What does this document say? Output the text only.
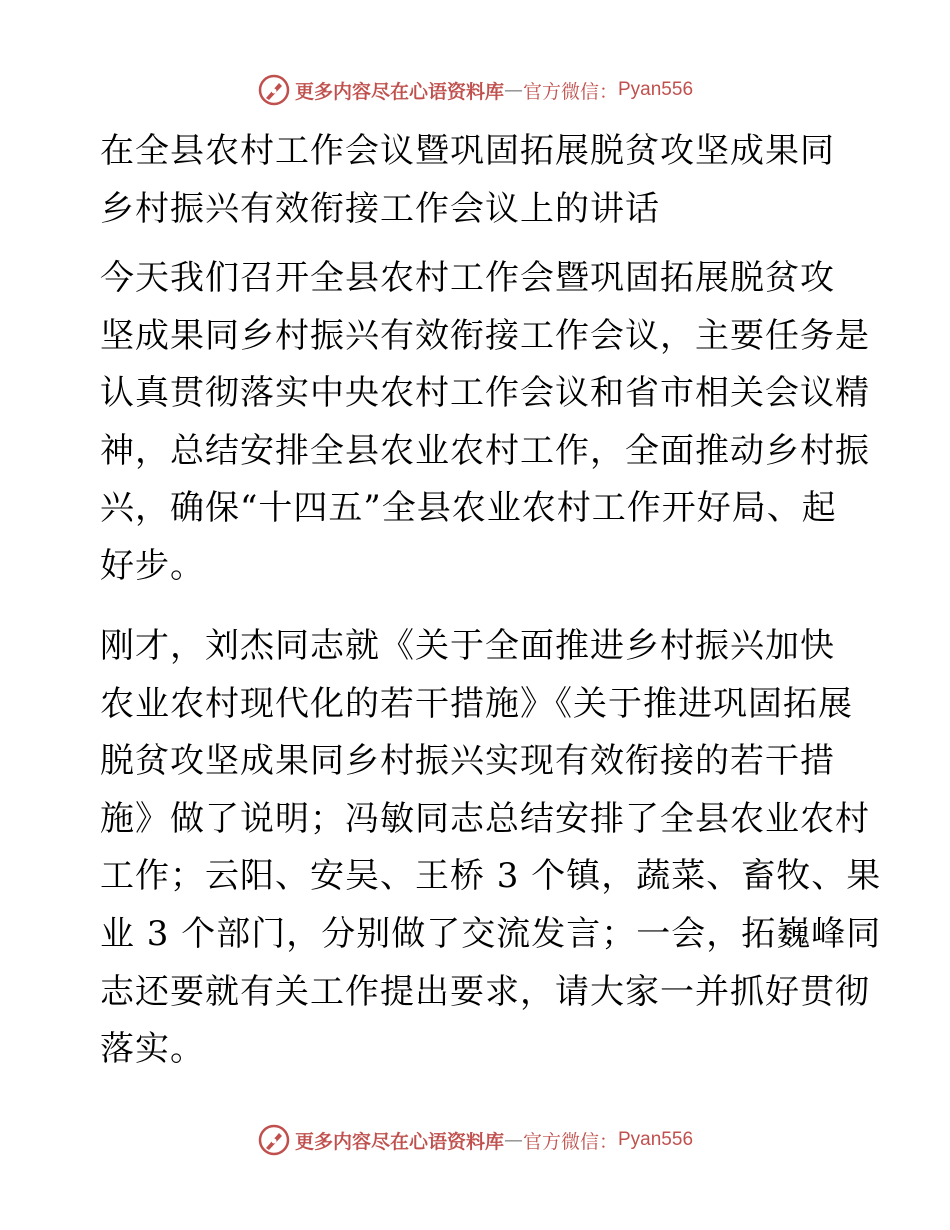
更多内容尽在心语资料库 — 官方微信： Pyan556
在全县农村工作会议暨巩固拓展脱贫攻坚成果同
乡村振兴有效衔接工作会议上的讲话

今天我们召开全县农村工作会暨巩固拓展脱贫攻
坚成果同乡村振兴有效衔接工作会议，主要任务是
认真贯彻落实中央农村工作会议和省市相关会议精
神，总结安排全县农业农村工作，全面推动乡村振
兴，确保“十四五”全县农业农村工作开好局、起
好步。

刚才，刘杰同志就《关于全面推进乡村振兴加快
农业农村现代化的若干措施》《关于推进巩固拓展
脱贫攻坚成果同乡村振兴实现有效衔接的若干措
施》做了说明；冯敏同志总结安排了全县农业农村
工作；云阳、安吴、王桥 3 个镇，蔬菜、畜牧、果
业 3 个部门，分别做了交流发言；一会，拓巍峰同
志还要就有关工作提出要求，请大家一并抓好贯彻
落实。

更多内容尽在心语资料库 — 官方微信： Pyan556
